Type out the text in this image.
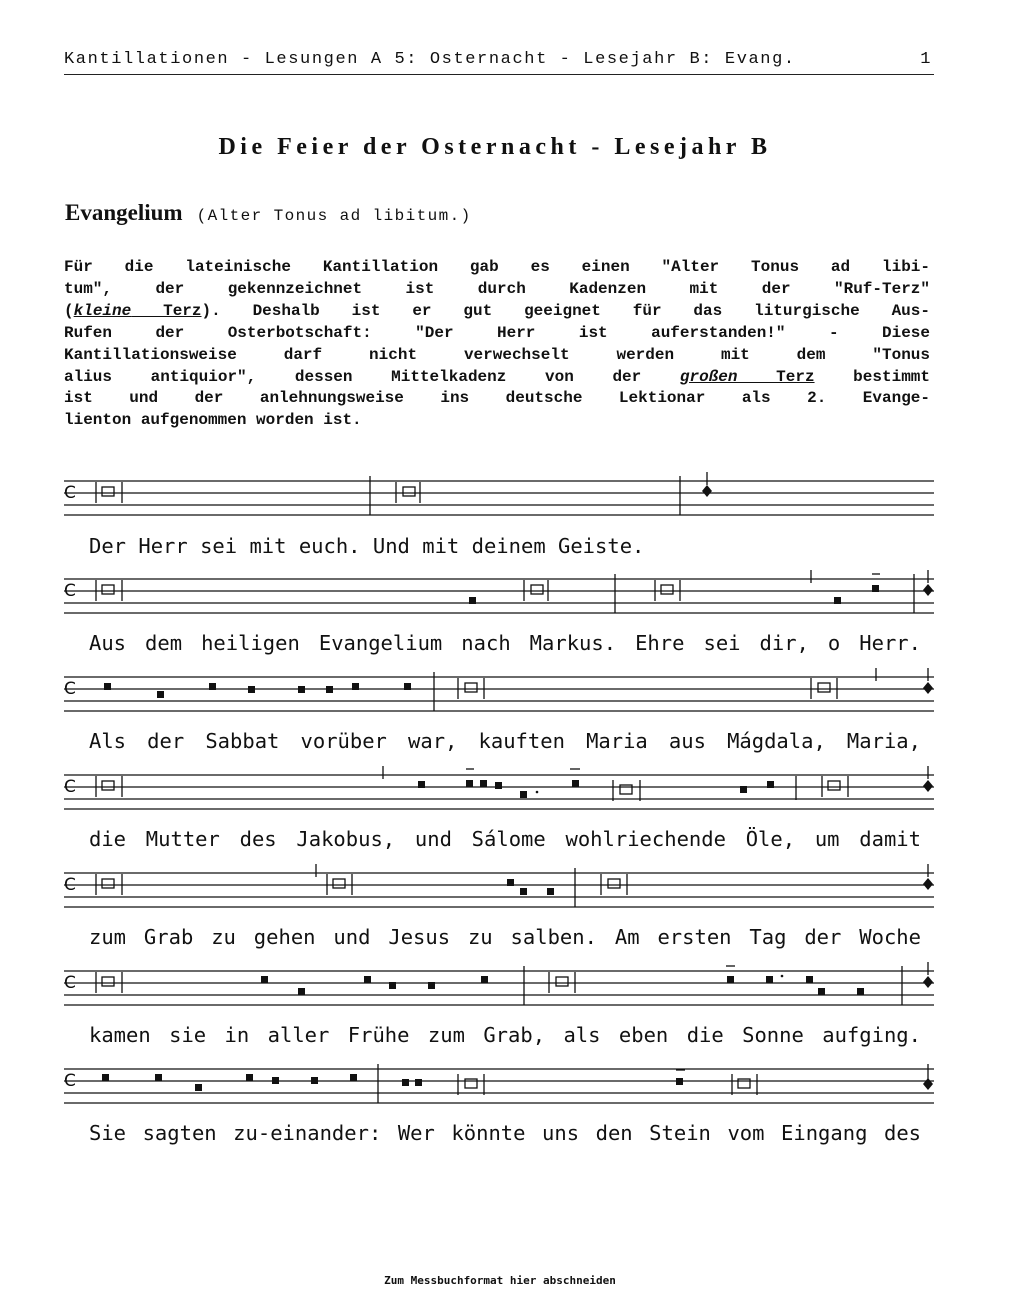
Kantillationen - Lesungen A 5: Osternacht - Lesejahr B: Evang.	1
Die Feier der Osternacht - Lesejahr B
Evangelium (Alter Tonus ad libitum.)
Für die lateinische Kantillation gab es einen "Alter Tonus ad libi-
tum", der gekennzeichnet ist durch Kadenzen mit der "Ruf-Terz"
(kleine Terz). Deshalb ist er gut geeignet für das liturgische Aus-
Rufen der Osterbotschaft: "Der Herr ist auferstanden!" - Diese
Kantillationsweise darf nicht verwechselt werden mit dem "Tonus
alius antiquior", dessen Mittelkadenz von der großen Terz bestimmt
ist und der anlehnungsweise ins deutsche Lektionar als 2. Evange-
lienton aufgenommen worden ist.
C
C
C
C
C
C
C
Der Herr sei mit euch. Und mit deinem Geiste.
Aus dem heiligen Evangelium nach Markus. Ehre sei dir, o Herr.
Als der Sabbat vorüber war, kauften Maria aus Mágdala, Maria,
die Mutter des Jakobus, und Sálome wohlriechende Öle, um damit
zum Grab zu gehen und Jesus zu salben. Am ersten Tag der Woche
kamen sie in aller Frühe zum Grab, als eben die Sonne aufging.
Sie sagten zu-einander: Wer könnte uns den Stein vom Eingang des
Zum Messbuchformat hier abschneiden
